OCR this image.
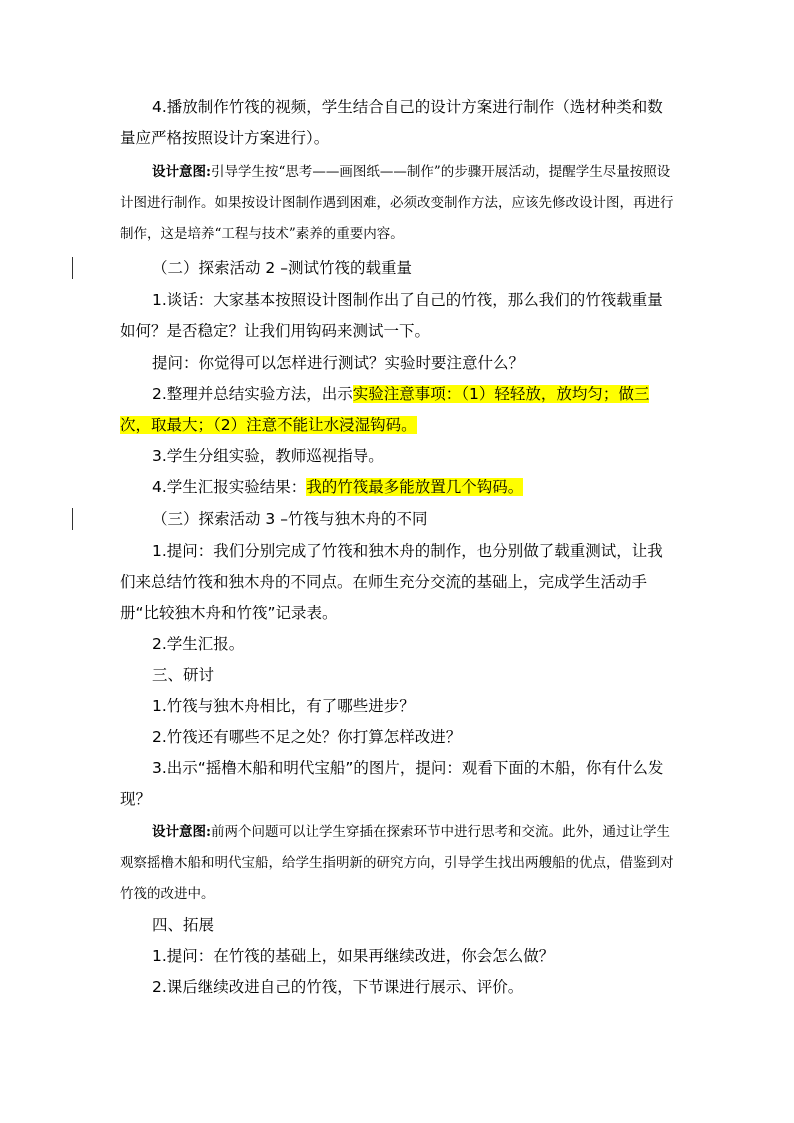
4.播放制作竹筏的视频，学生结合自己的设计方案进行制作（选材种类和数量应严格按照设计方案进行）。

设计意图:引导学生按“思考——画图纸——制作”的步骤开展活动，提醒学生尽量按照设计图进行制作。如果按设计图制作遇到困难，必须改变制作方法，应该先修改设计图，再进行制作，这是培养“工程与技术”素养的重要内容。

（二）探索活动 2 –测试竹筏的载重量

1.谈话：大家基本按照设计图制作出了自己的竹筏，那么我们的竹筏载重量如何？是否稳定？让我们用钩码来测试一下。

提问：你觉得可以怎样进行测试？实验时要注意什么？

2.整理并总结实验方法，出示实验注意事项：（1）轻轻放，放均匀；做三次，取最大；（2）注意不能让水浸湿钩码。

3.学生分组实验，教师巡视指导。

4.学生汇报实验结果：我的竹筏最多能放置几个钩码。

（三）探索活动 3 –竹筏与独木舟的不同

1.提问：我们分别完成了竹筏和独木舟的制作，也分别做了载重测试，让我们来总结竹筏和独木舟的不同点。在师生充分交流的基础上，完成学生活动手册“比较独木舟和竹筏”记录表。

2.学生汇报。

三、研讨

1.竹筏与独木舟相比，有了哪些进步？

2.竹筏还有哪些不足之处？你打算怎样改进？

3.出示“摇橹木船和明代宝船”的图片，提问：观看下面的木船，你有什么发现？

设计意图:前两个问题可以让学生穿插在探索环节中进行思考和交流。此外，通过让学生观察摇橹木船和明代宝船，给学生指明新的研究方向，引导学生找出两艘船的优点，借鉴到对竹筏的改进中。

四、拓展

1.提问：在竹筏的基础上，如果再继续改进，你会怎么做？

2.课后继续改进自己的竹筏，下节课进行展示、评价。
